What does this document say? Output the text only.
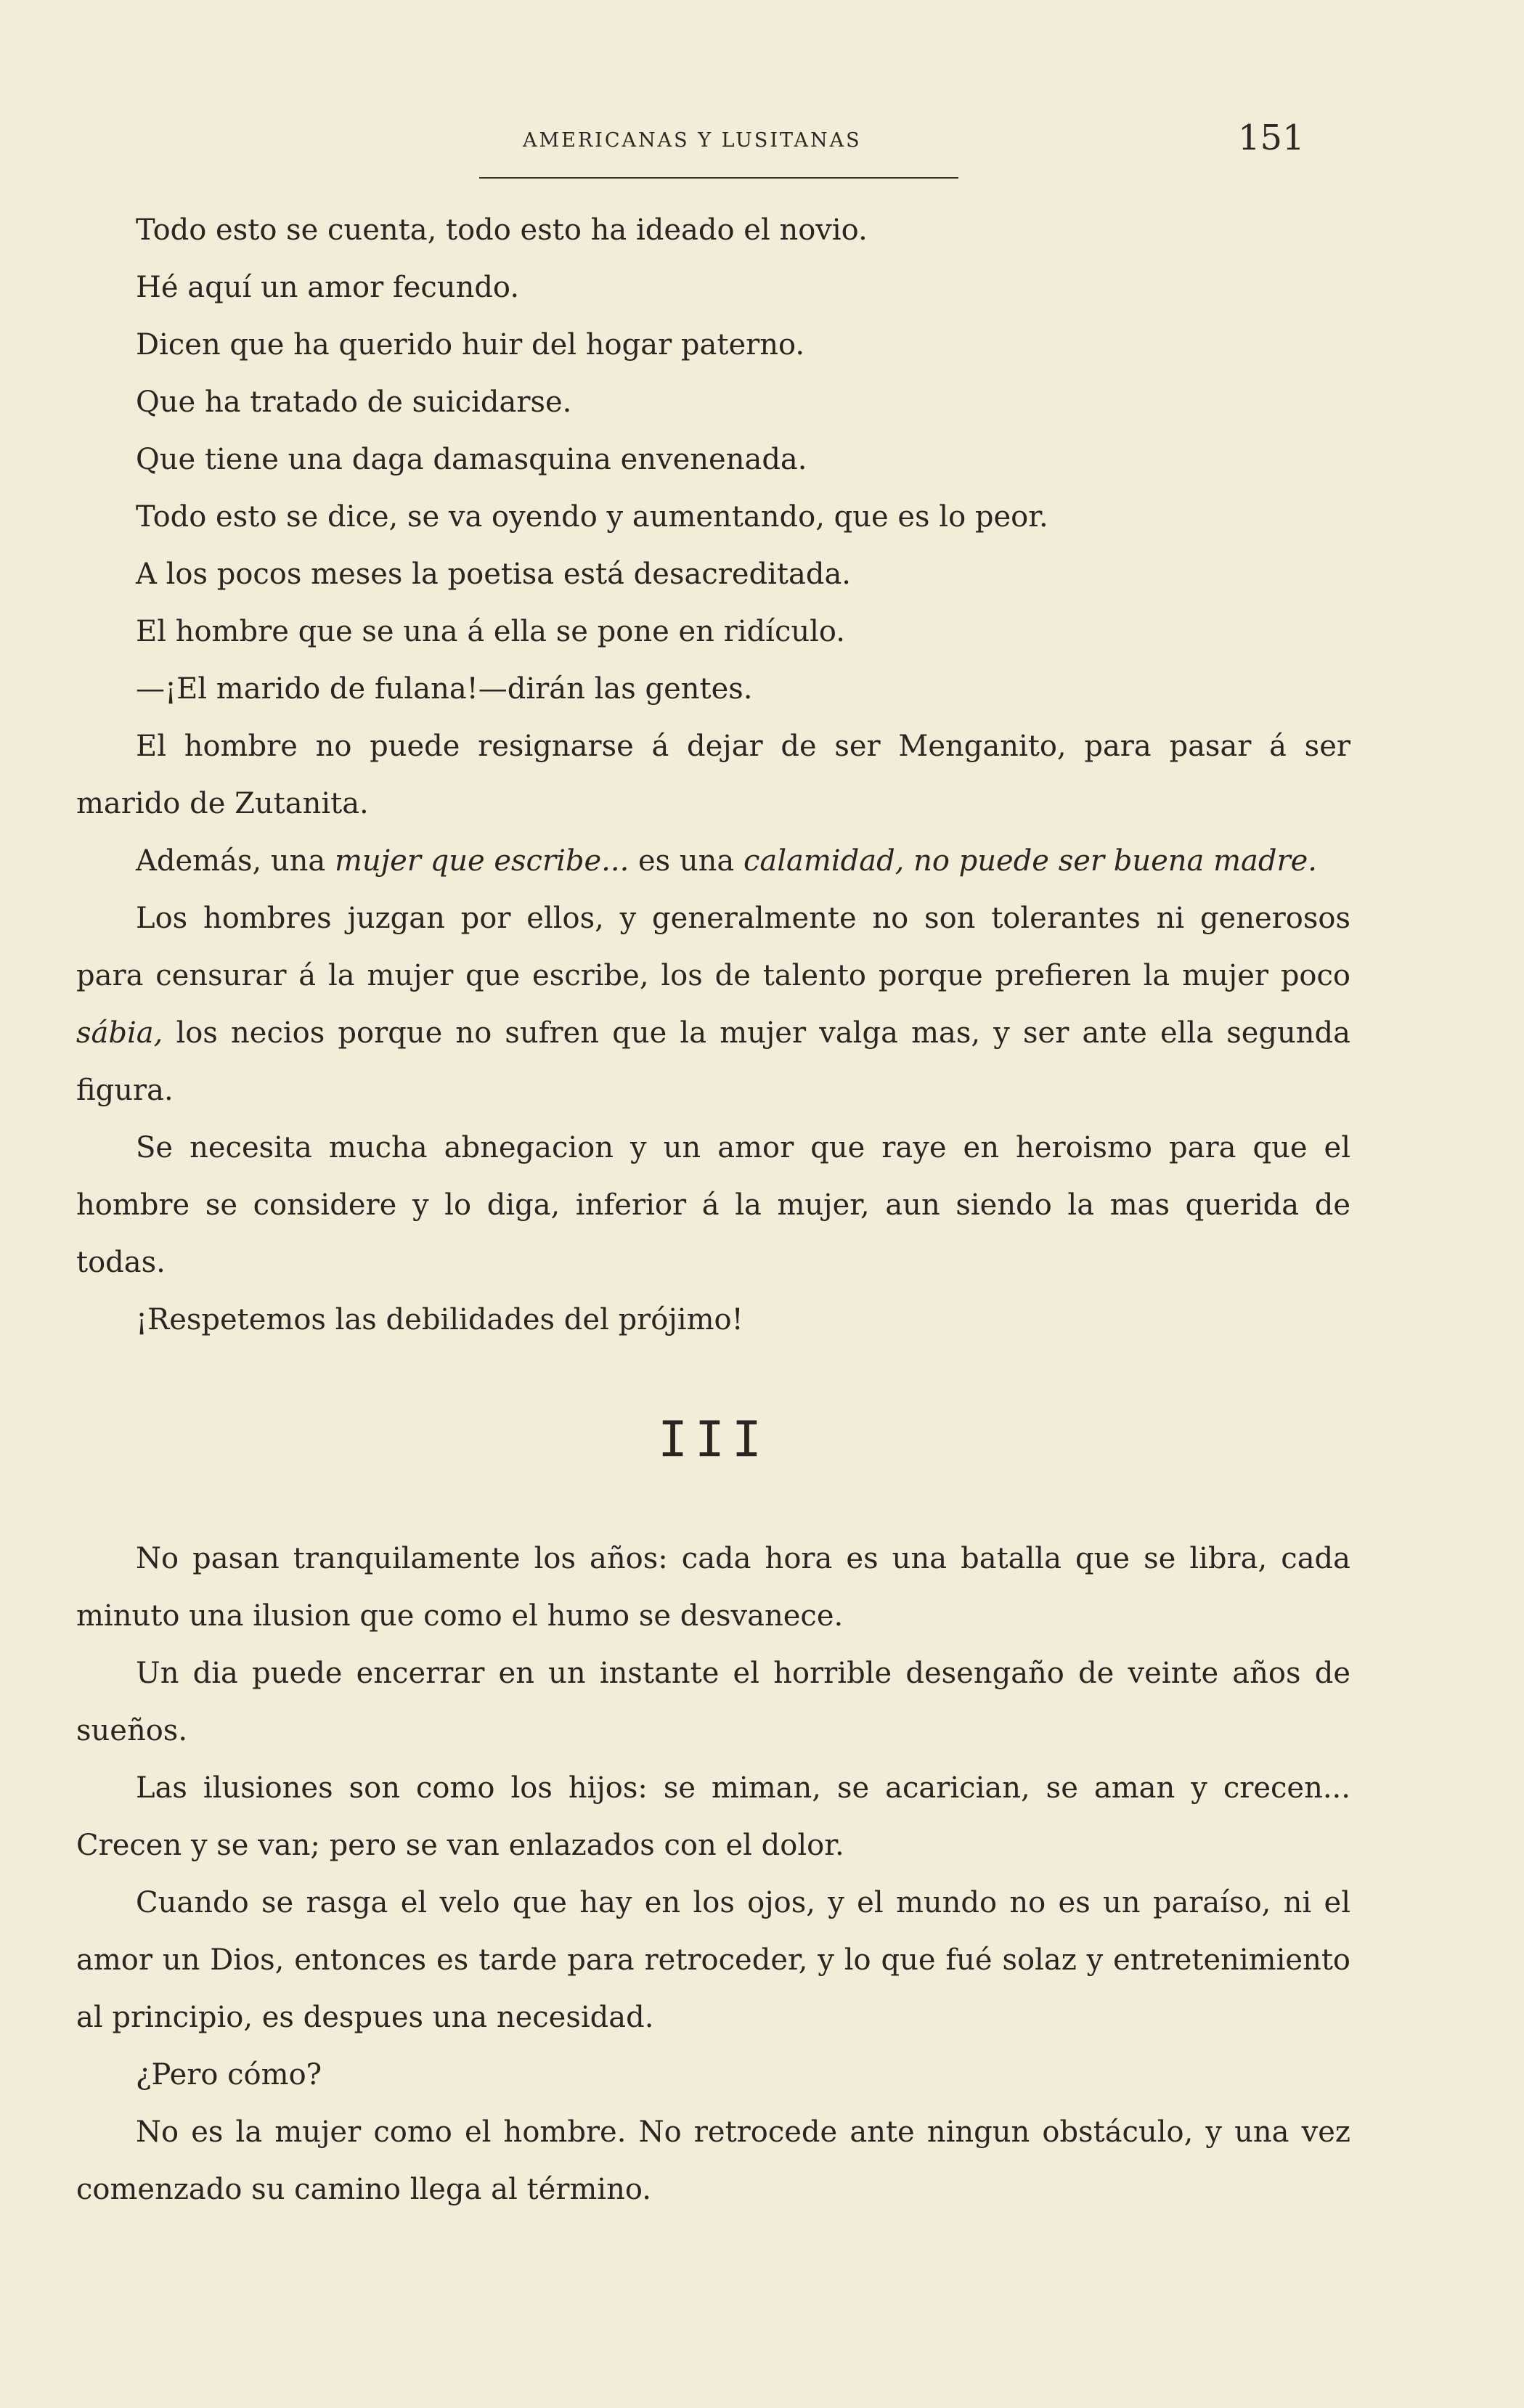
AMERICANAS Y LUSITANAS	151

Todo esto se cuenta, todo esto ha ideado el novio.

Hé aquí un amor fecundo.

Dicen que ha querido huir del hogar paterno.

Que ha tratado de suicidarse.

Que tiene una daga damasquina envenenada.

Todo esto se dice, se va oyendo y aumentando, que es lo peor.

A los pocos meses la poetisa está desacreditada.

El hombre que se una á ella se pone en ridículo.

—¡El marido de fulana!—dirán las gentes.

El hombre no puede resignarse á dejar de ser Menganito, para pasar á ser marido de Zutanita.

Además, una mujer que escribe... es una calamidad, no puede ser buena madre.

Los hombres juzgan por ellos, y generalmente no son tolerantes ni generosos para censurar á la mujer que escribe, los de talento porque prefieren la mujer poco sábia, los necios porque no sufren que la mujer valga mas, y ser ante ella segunda figura.

Se necesita mucha abnegacion y un amor que raye en heroismo para que el hombre se considere y lo diga, inferior á la mujer, aun siendo la mas querida de todas.

¡Respetemos las debilidades del prójimo!

III

No pasan tranquilamente los años: cada hora es una batalla que se libra, cada minuto una ilusion que como el humo se desvanece.

Un dia puede encerrar en un instante el horrible desengaño de veinte años de sueños.

Las ilusiones son como los hijos: se miman, se acarician, se aman y crecen... Crecen y se van; pero se van enlazados con el dolor.

Cuando se rasga el velo que hay en los ojos, y el mundo no es un paraíso, ni el amor un Dios, entonces es tarde para retroceder, y lo que fué solaz y entretenimiento al principio, es despues una necesidad.

¿Pero cómo?

No es la mujer como el hombre. No retrocede ante ningun obstáculo, y una vez comenzado su camino llega al término.
